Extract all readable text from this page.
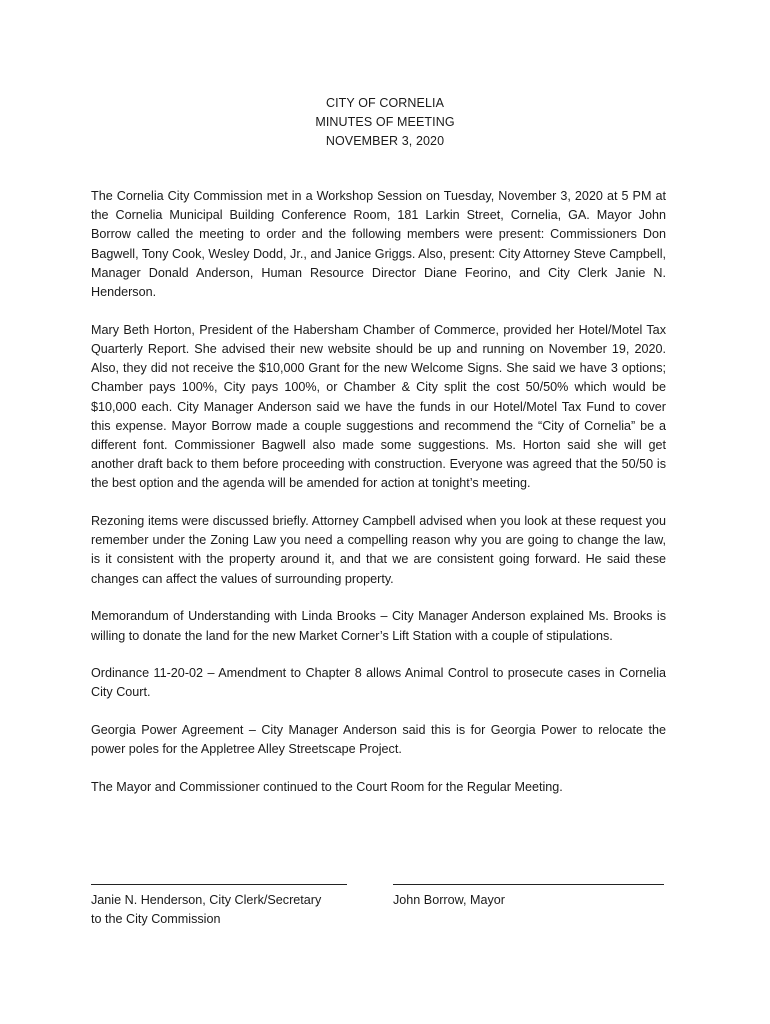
CITY OF CORNELIA
MINUTES OF MEETING
NOVEMBER 3, 2020

The Cornelia City Commission met in a Workshop Session on Tuesday, November 3, 2020 at 5 PM at the Cornelia Municipal Building Conference Room, 181 Larkin Street, Cornelia, GA. Mayor John Borrow called the meeting to order and the following members were present: Commissioners Don Bagwell, Tony Cook, Wesley Dodd, Jr., and Janice Griggs. Also, present: City Attorney Steve Campbell, Manager Donald Anderson, Human Resource Director Diane Feorino, and City Clerk Janie N. Henderson.

Mary Beth Horton, President of the Habersham Chamber of Commerce, provided her Hotel/Motel Tax Quarterly Report. She advised their new website should be up and running on November 19, 2020. Also, they did not receive the $10,000 Grant for the new Welcome Signs. She said we have 3 options; Chamber pays 100%, City pays 100%, or Chamber & City split the cost 50/50% which would be $10,000 each. City Manager Anderson said we have the funds in our Hotel/Motel Tax Fund to cover this expense. Mayor Borrow made a couple suggestions and recommend the “City of Cornelia” be a different font. Commissioner Bagwell also made some suggestions. Ms. Horton said she will get another draft back to them before proceeding with construction. Everyone was agreed that the 50/50 is the best option and the agenda will be amended for action at tonight’s meeting.

Rezoning items were discussed briefly. Attorney Campbell advised when you look at these request you remember under the Zoning Law you need a compelling reason why you are going to change the law, is it consistent with the property around it, and that we are consistent going forward. He said these changes can affect the values of surrounding property.

Memorandum of Understanding with Linda Brooks – City Manager Anderson explained Ms. Brooks is willing to donate the land for the new Market Corner’s Lift Station with a couple of stipulations.

Ordinance 11-20-02 – Amendment to Chapter 8 allows Animal Control to prosecute cases in Cornelia City Court.

Georgia Power Agreement – City Manager Anderson said this is for Georgia Power to relocate the power poles for the Appletree Alley Streetscape Project.

The Mayor and Commissioner continued to the Court Room for the Regular Meeting.

Janie N. Henderson, City Clerk/Secretary
to the City Commission
John Borrow, Mayor
